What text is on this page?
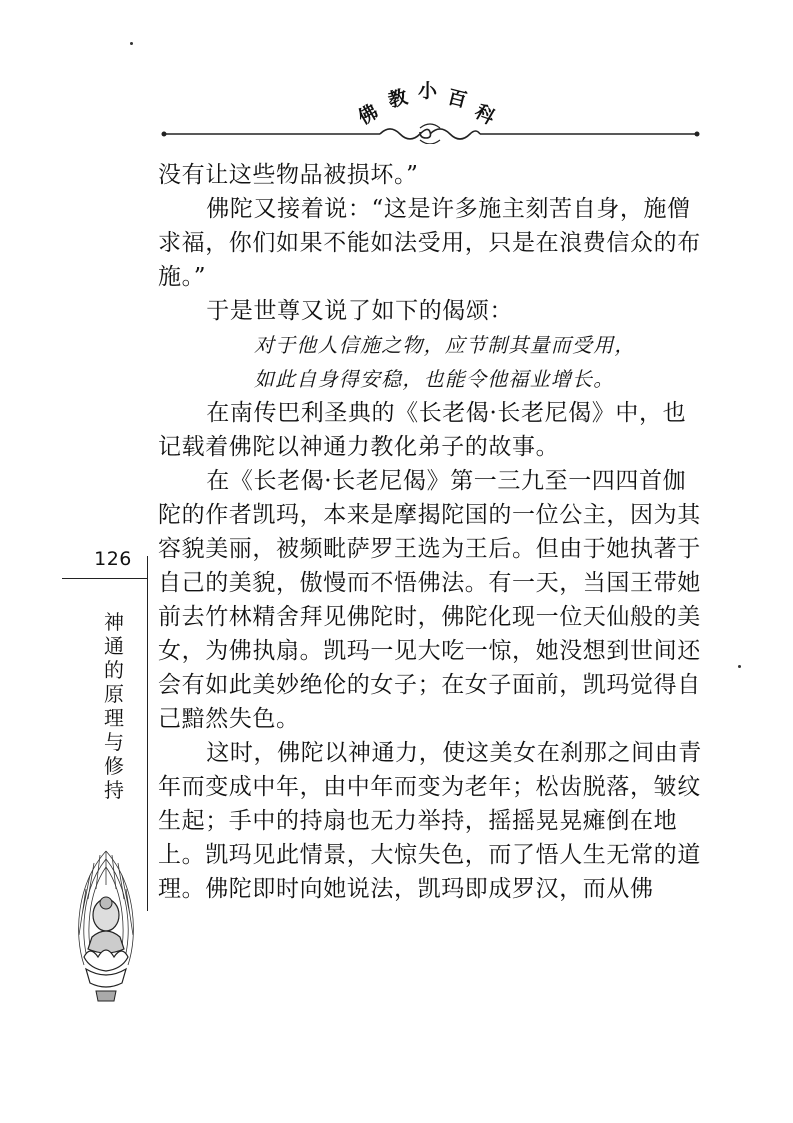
佛
教 小 百
科

没有让这些物品被损坏。”

佛陀又接着说：“这是许多施主刻苦自身，施僧求福，你们如果不能如法受用，只是在浪费信众的布施。”

于是世尊又说了如下的偈颂：

对于他人信施之物，应节制其量而受用，

如此自身得安稳，也能令他福业增长。

在南传巴利圣典的《长老偈·长老尼偈》中，也记载着佛陀以神通力教化弟子的故事。

在《长老偈·长老尼偈》第一三九至一四四首伽陀的作者凯玛，本来是摩揭陀国的一位公主，因为其容貌美丽，被频毗萨罗王选为王后。但由于她执著于自己的美貌，傲慢而不悟佛法。有一天，当国王带她前去竹林精舍拜见佛陀时，佛陀化现一位天仙般的美女，为佛执扇。凯玛一见大吃一惊，她没想到世间还会有如此美妙绝伦的女子；在女子面前，凯玛觉得自己黯然失色。

这时，佛陀以神通力，使这美女在刹那之间由青年而变成中年，由中年而变为老年；松齿脱落，皱纹生起；手中的持扇也无力举持，摇摇晃晃瘫倒在地上。凯玛见此情景，大惊失色，而了悟人生无常的道理。佛陀即时向她说法，凯玛即成罗汉，而从佛

126
神
通
的
原
理
与
修
持
